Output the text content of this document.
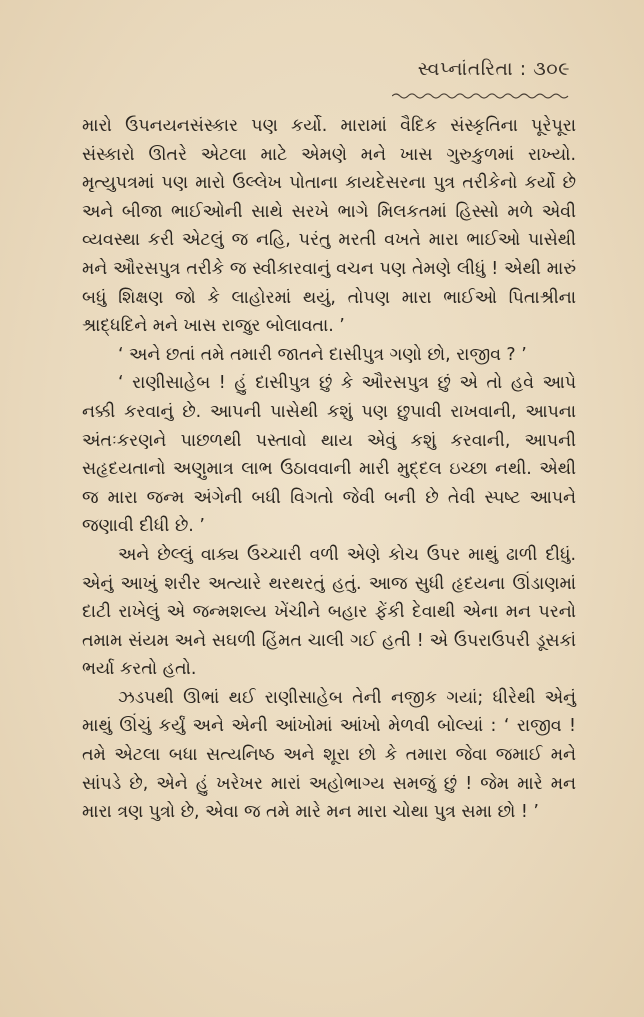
સ્વપ્નાંતરિતા : ૩૦૯

મારો ઉપનયનસંસ્કાર પણ કર્યો. મારામાં વૈદિક સંસ્કૃતિના પૂરેપૂરા સંસ્કારો ઊતરે એટલા માટે એમણે મને ખાસ ગુરુકુળમાં રાખ્યો. મૃત્યુપત્રમાં પણ મારો ઉલ્લેખ પોતાના કાયદેસરના પુત્ર તરીકેનો કર્યો છે અને બીજા ભાઈઓની સાથે સરખે ભાગે મિલકતમાં હિસ્સો મળે એવી વ્યવસ્થા કરી એટલું જ નહિ, પરંતુ મરતી વખતે મારા ભાઈઓ પાસેથી મને ઔરસપુત્ર તરીકે જ સ્વીકારવાનું વચન પણ તેમણે લીધું ! એથી મારું બધું શિક્ષણ જો કે લાહોરમાં થયું, તોપણ મારા ભાઈઓ પિતાશ્રીના શ્રાદ્ધદિને મને ખાસ રાજુર બોલાવતા. ’

‘ અને છતાં તમે તમારી જાતને દાસીપુત્ર ગણો છો, રાજીવ ? ’

‘ રાણીસાહેબ ! હું દાસીપુત્ર છું કે ઔરસપુત્ર છું એ તો હવે આપે નક્કી કરવાનું છે. આપની પાસેથી કશું પણ છુપાવી રાખવાની, આપના અંતઃકરણને પાછળથી પસ્તાવો થાય એવું કશું કરવાની, આપની સહૃદયતાનો અણુમાત્ર લાભ ઉઠાવવાની મારી મુદ્દલ ઇચ્છા નથી. એથી જ મારા જન્મ અંગેની બધી વિગતો જેવી બની છે તેવી સ્પષ્ટ આપને જણાવી દીધી છે. ’

અને છેલ્લું વાક્ય ઉચ્ચારી વળી એણે કોચ ઉપર માથું ઢાળી દીધું. એનું આખું શરીર અત્યારે થરથરતું હતું. આજ સુધી હૃદયના ઊંડાણમાં દાટી રાખેલું એ જન્મશલ્ય ખેંચીને બહાર ફેંકી દેવાથી એના મન પરનો તમામ સંયમ અને સઘળી હિંમત ચાલી ગઈ હતી ! એ ઉપરાઉપરી ડૂસકાં ભર્યા કરતો હતો.

ઝડપથી ઊભાં થઈ રાણીસાહેબ તેની નજીક ગયાં; ધીરેથી એનું માથું ઊંચું કર્યું અને એની આંખોમાં આંખો મેળવી બોલ્યાં : ‘ રાજીવ ! તમે એટલા બધા સત્યનિષ્ઠ અને શૂરા છો કે તમારા જેવા જમાઈ મને સાંપડે છે, એને હું ખરેખર મારાં અહોભાગ્ય સમજું છું ! જેમ મારે મન મારા ત્રણ પુત્રો છે, એવા જ તમે મારે મન મારા ચોથા પુત્ર સમા છો ! ’
